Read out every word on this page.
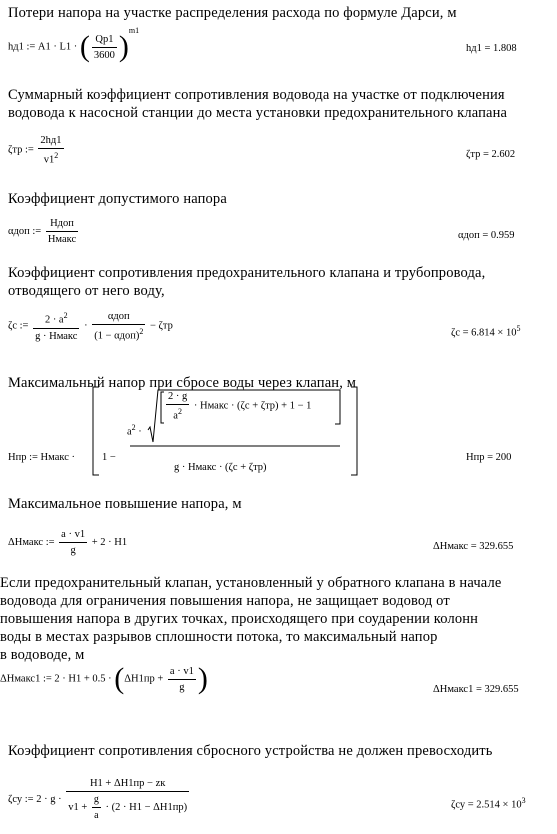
Потери напора на участке распределения расхода по формуле Дарси, м
hд1 := A1 · L1 · ( $\frac{Qp1}{3600} )^{m1}$
hд1 = 1.808
Суммарный коэффициент сопротивления водовода на участке от подключения
водовода к насосной станции до места установки предохранительного клапана
ζтр := $\frac{2hд1}{v1^2}$	ζтр = 2.602
Коэффициент допустимого напора
αдоп := $\frac{\text{Hдоп}}{\text{Hмакс}}$	αдоп = 0.959
Коэффициент сопротивления предохранительного клапана и трубопровода,
отводящего от него воду,
ζс := $\frac{2 \cdot a^2}{\text{g · Hмакс}} \cdot \frac{\text{αдоп}}{(1 - \alpha доп)^2} - \zeta тр$
$\zeta с = 6.814 \times 10^5$
Максимальный напор при сбросе воды через клапан, м
Hпр := Hмакс ·	1 −
$a^2$ ·
$\frac{2 \cdot g}{a^2}$ · Hмакс · (ζс + ζтр) + 1 − 1
g · Hмакс · (ζс + ζтр)
Hпр = 200
Максимальное повышение напора, м
ΔHмакс := $\frac{a \cdot v1}{g} + 2 \cdot H1$	ΔHмакс = 329.655
Если предохранительный клапан, установленный у обратного клапана в начале
водовода для ограничения повышения напора, не защищает водовод от
повышения напора в других точках, происходящего при соударении колонн
воды в местах разрывов сплошности потока, то максимальный напор
в водоводе, м
ΔHмакс1 := $2 \cdot H1 + 0.5 \cdot (\Delta H1пр + \frac{a \cdot v1}{g}$ )	ΔHмакс1 = 329.655
Коэффициент сопротивления сбросного устройства не должен превосходить
ζсу := $2 \cdot g \cdot \frac{H1 + \Delta H1пр - zк}{v1 + \frac{g}{a} \cdot (2 \cdot H1 - \Delta H1пр)}$	$\zeta су = 2.514 \times 10^3$
